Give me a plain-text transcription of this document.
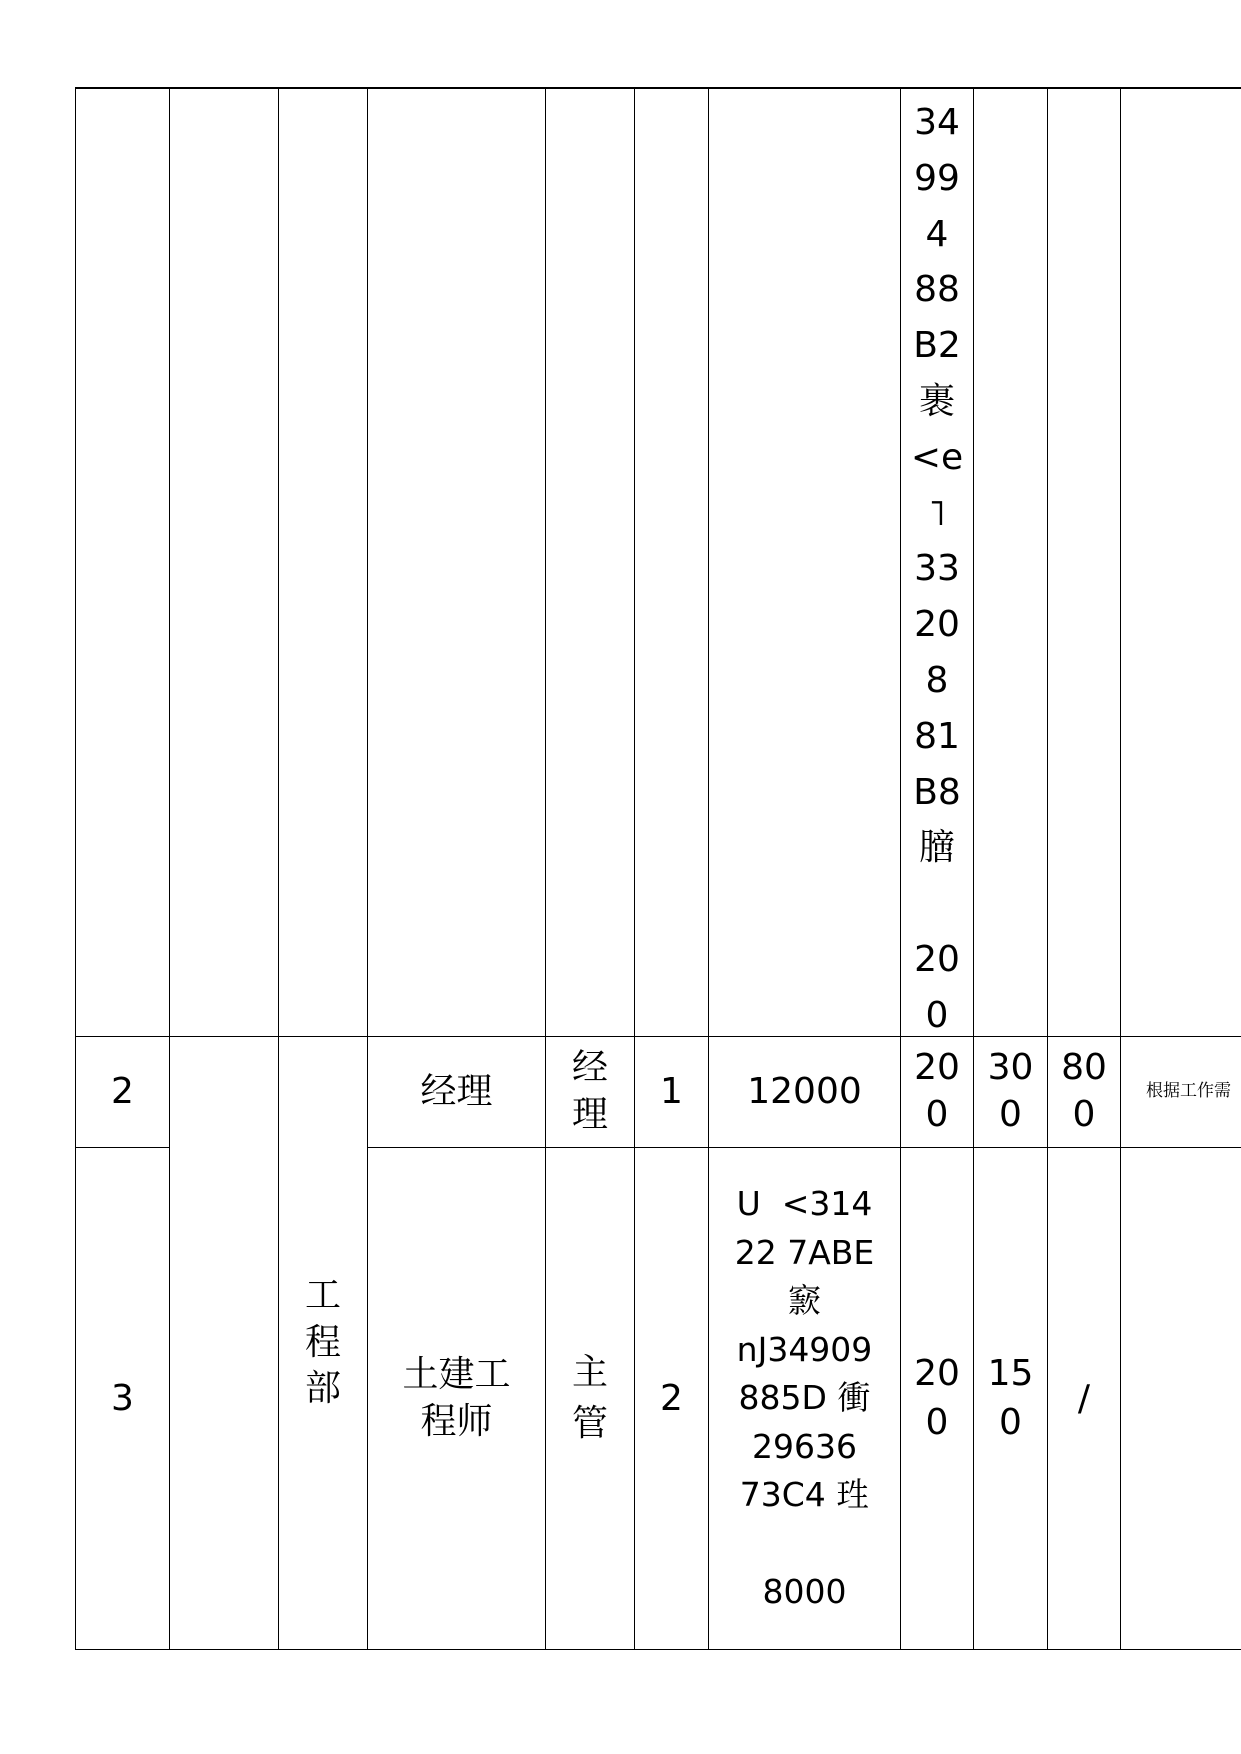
34
99
4
88
B2
裹
<e
˥
33
20
8
81
B8
膪

20
0
2	经理
经
理
1 12000
20
0
30
0
80
0
根据工作需
3
工
程
部 土建工
程师
主
管
2
U  <314
22 7ABE
窾
nJ34909
885D 衝
29636
73C4 珄

8000
20
0
15
0
/
